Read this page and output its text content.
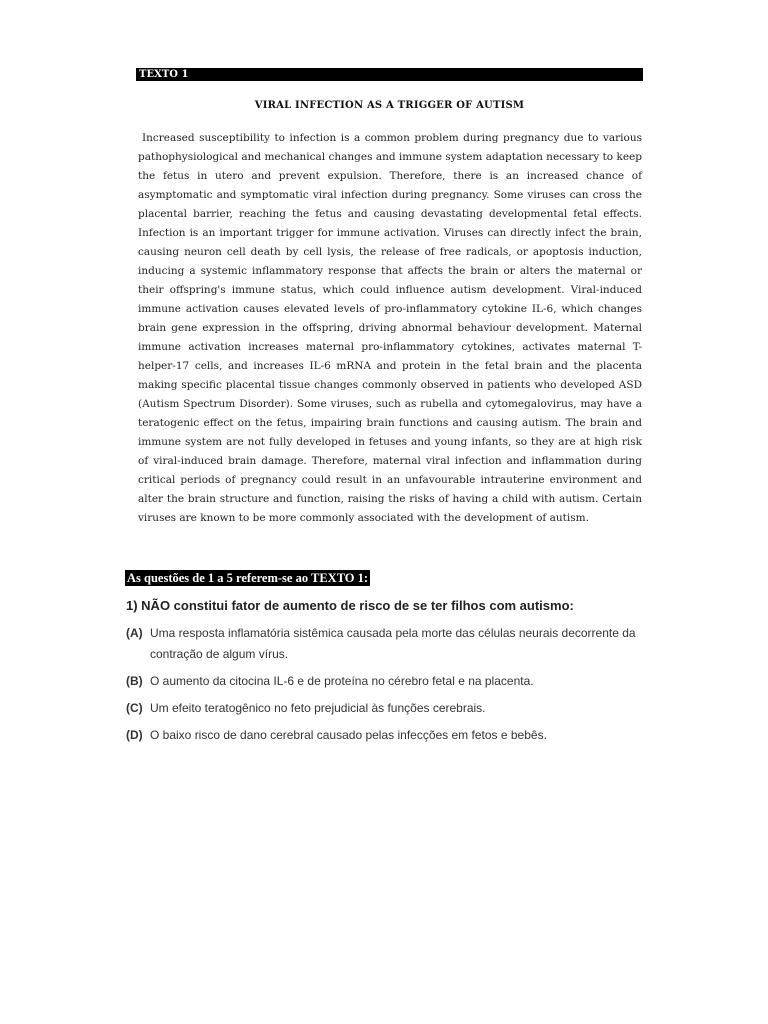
TEXTO 1
VIRAL INFECTION AS A TRIGGER OF AUTISM
Increased susceptibility to infection is a common problem during pregnancy due to various pathophysiological and mechanical changes and immune system adaptation necessary to keep the fetus in utero and prevent expulsion. Therefore, there is an increased chance of asymptomatic and symptomatic viral infection during pregnancy. Some viruses can cross the placental barrier, reaching the fetus and causing devastating developmental fetal effects. Infection is an important trigger for immune activation. Viruses can directly infect the brain, causing neuron cell death by cell lysis, the release of free radicals, or apoptosis induction, inducing a systemic inflammatory response that affects the brain or alters the maternal or their offspring's immune status, which could influence autism development. Viral-induced immune activation causes elevated levels of pro-inflammatory cytokine IL-6, which changes brain gene expression in the offspring, driving abnormal behaviour development. Maternal immune activation increases maternal pro-inflammatory cytokines, activates maternal T-helper-17 cells, and increases IL-6 mRNA and protein in the fetal brain and the placenta making specific placental tissue changes commonly observed in patients who developed ASD (Autism Spectrum Disorder). Some viruses, such as rubella and cytomegalovirus, may have a teratogenic effect on the fetus, impairing brain functions and causing autism. The brain and immune system are not fully developed in fetuses and young infants, so they are at high risk of viral-induced brain damage. Therefore, maternal viral infection and inflammation during critical periods of pregnancy could result in an unfavourable intrauterine environment and alter the brain structure and function, raising the risks of having a child with autism. Certain viruses are known to be more commonly associated with the development of autism.
As questões de 1 a 5 referem-se ao TEXTO 1:
1) NÃO constitui fator de aumento de risco de se ter filhos com autismo:
(A) Uma resposta inflamatória sistêmica causada pela morte das células neurais decorrente da contração de algum vírus.
(B) O aumento da citocina IL-6 e de proteína no cérebro fetal e na placenta.
(C) Um efeito teratogênico no feto prejudicial às funções cerebrais.
(D) O baixo risco de dano cerebral causado pelas infecções em fetos e bebês.
